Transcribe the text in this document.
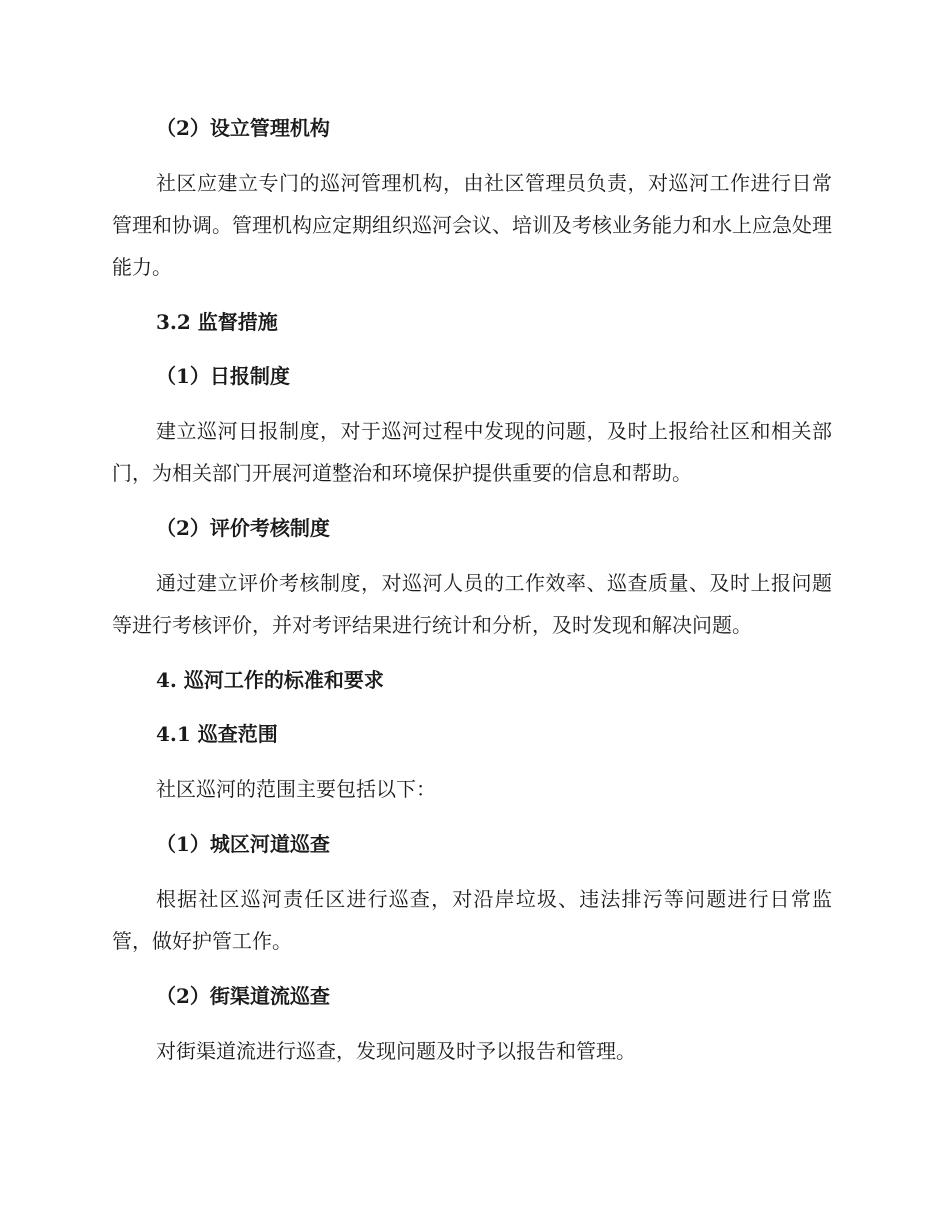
（2）设立管理机构

社区应建立专门的巡河管理机构，由社区管理员负责，对巡河工作进行日常管理和协调。管理机构应定期组织巡河会议、培训及考核业务能力和水上应急处理能力。

3.2 监督措施
（1）日报制度

建立巡河日报制度，对于巡河过程中发现的问题，及时上报给社区和相关部门，为相关部门开展河道整治和环境保护提供重要的信息和帮助。

（2）评价考核制度

通过建立评价考核制度，对巡河人员的工作效率、巡查质量、及时上报问题等进行考核评价，并对考评结果进行统计和分析，及时发现和解决问题。

4. 巡河工作的标准和要求
4.1 巡查范围

社区巡河的范围主要包括以下：

（1）城区河道巡查

根据社区巡河责任区进行巡查，对沿岸垃圾、违法排污等问题进行日常监管，做好护管工作。

（2）街渠道流巡查

对街渠道流进行巡查，发现问题及时予以报告和管理。
